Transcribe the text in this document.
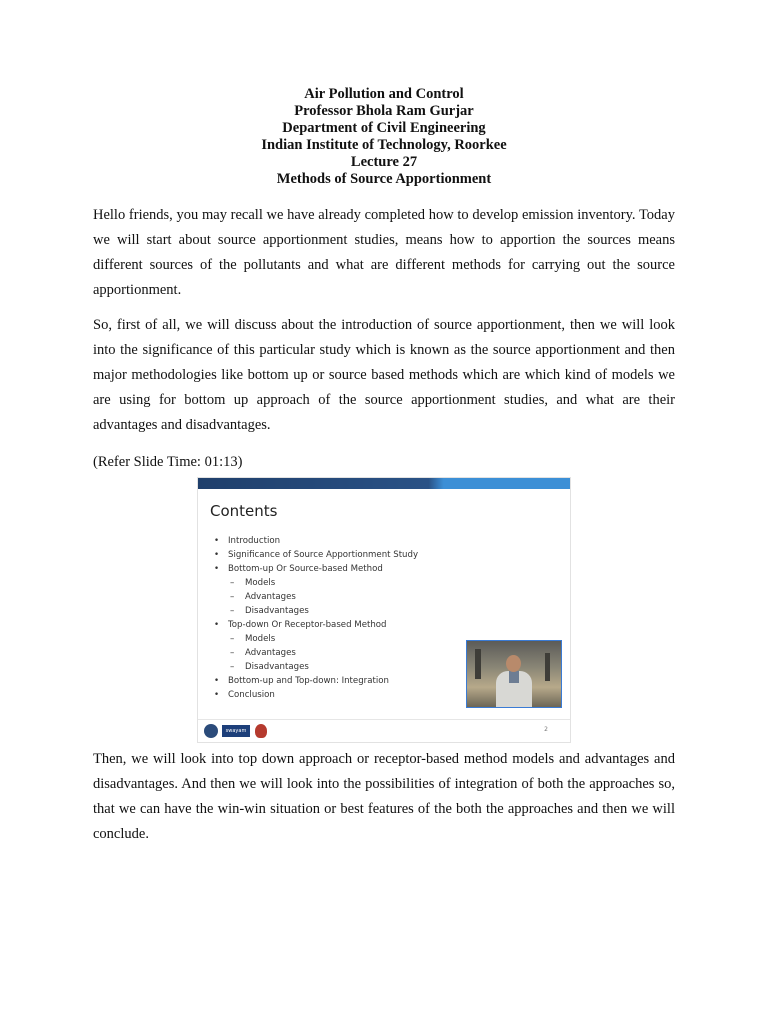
Air Pollution and Control
Professor Bhola Ram Gurjar
Department of Civil Engineering
Indian Institute of Technology, Roorkee
Lecture 27
Methods of Source Apportionment

Hello friends, you may recall we have already completed how to develop emission inventory. Today we will start about source apportionment studies, means how to apportion the sources means different sources of the pollutants and what are different methods for carrying out the source apportionment.

So, first of all, we will discuss about the introduction of source apportionment, then we will look into the significance of this particular study which is known as the source apportionment and then major methodologies like bottom up or source based methods which are which kind of models we are using for bottom up approach of the source apportionment studies, and what are their advantages and disadvantages.

(Refer Slide Time: 01:13)

Contents
• Introduction
• Significance of Source Apportionment Study
• Bottom-up Or Source-based Method
– Models
– Advantages
– Disadvantages
• Top-down Or Receptor-based Method
– Models
– Advantages
– Disadvantages
• Bottom-up and Top-down: Integration
• Conclusion
swayam	2

Then, we will look into top down approach or receptor-based method models and advantages and disadvantages. And then we will look into the possibilities of integration of both the approaches so, that we can have the win-win situation or best features of the both the approaches and then we will conclude.
